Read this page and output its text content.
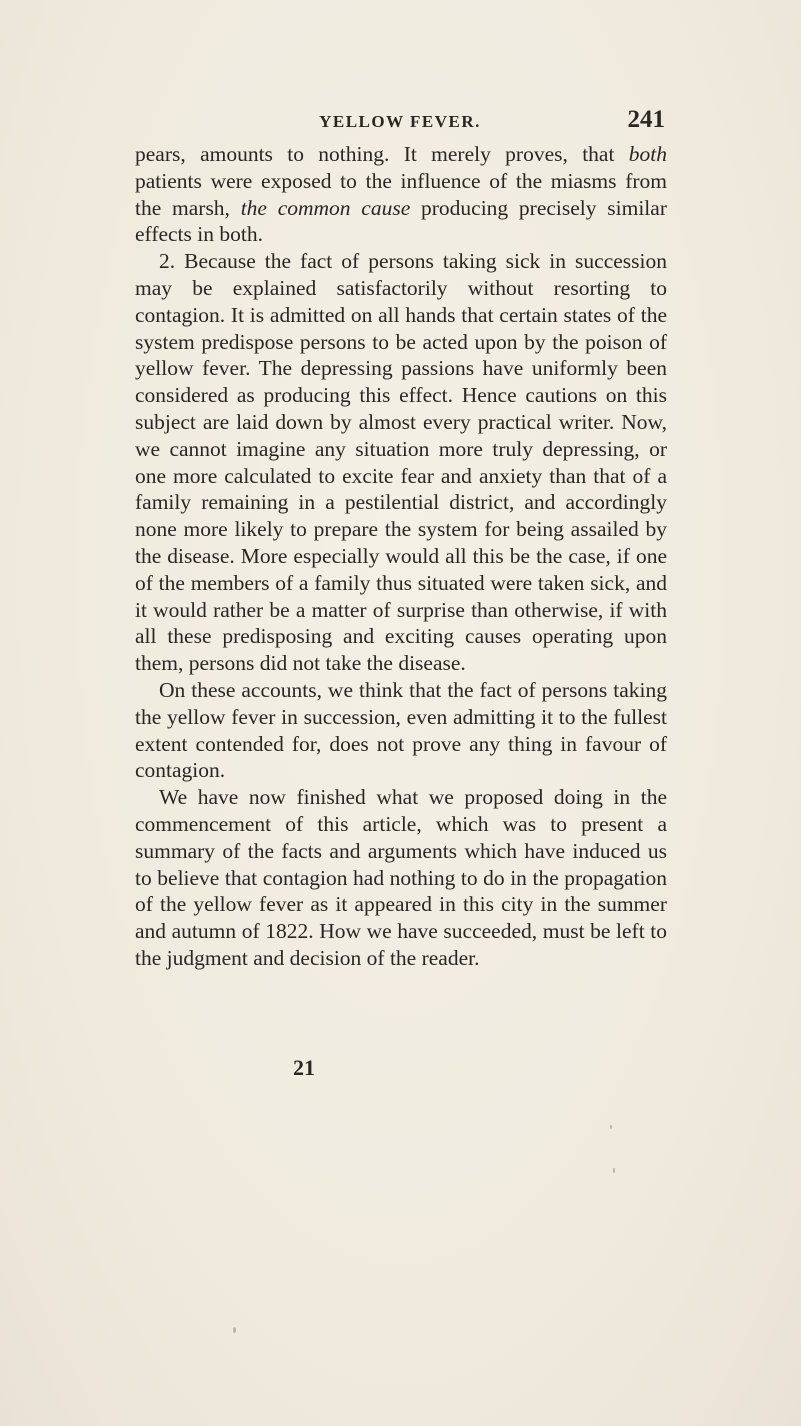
YELLOW FEVER.	241

pears, amounts to nothing. It merely proves, that both patients were exposed to the influence of the miasms from the marsh, the common cause producing precisely similar effects in both.

2. Because the fact of persons taking sick in succession may be explained satisfactorily without resorting to contagion. It is admitted on all hands that certain states of the system predispose persons to be acted upon by the poison of yellow fever. The depressing passions have uniformly been considered as producing this effect. Hence cautions on this subject are laid down by almost every practical writer. Now, we cannot imagine any situation more truly depressing, or one more calculated to excite fear and anxiety than that of a family remaining in a pestilential district, and accordingly none more likely to prepare the system for being assailed by the disease. More especially would all this be the case, if one of the members of a family thus situated were taken sick, and it would rather be a matter of surprise than otherwise, if with all these predisposing and exciting causes operating upon them, persons did not take the disease.

On these accounts, we think that the fact of persons taking the yellow fever in succession, even admitting it to the fullest extent contended for, does not prove any thing in favour of contagion.

We have now finished what we proposed doing in the commencement of this article, which was to present a summary of the facts and arguments which have induced us to believe that contagion had nothing to do in the propagation of the yellow fever as it appeared in this city in the summer and autumn of 1822. How we have succeeded, must be left to the judgment and decision of the reader.

21
